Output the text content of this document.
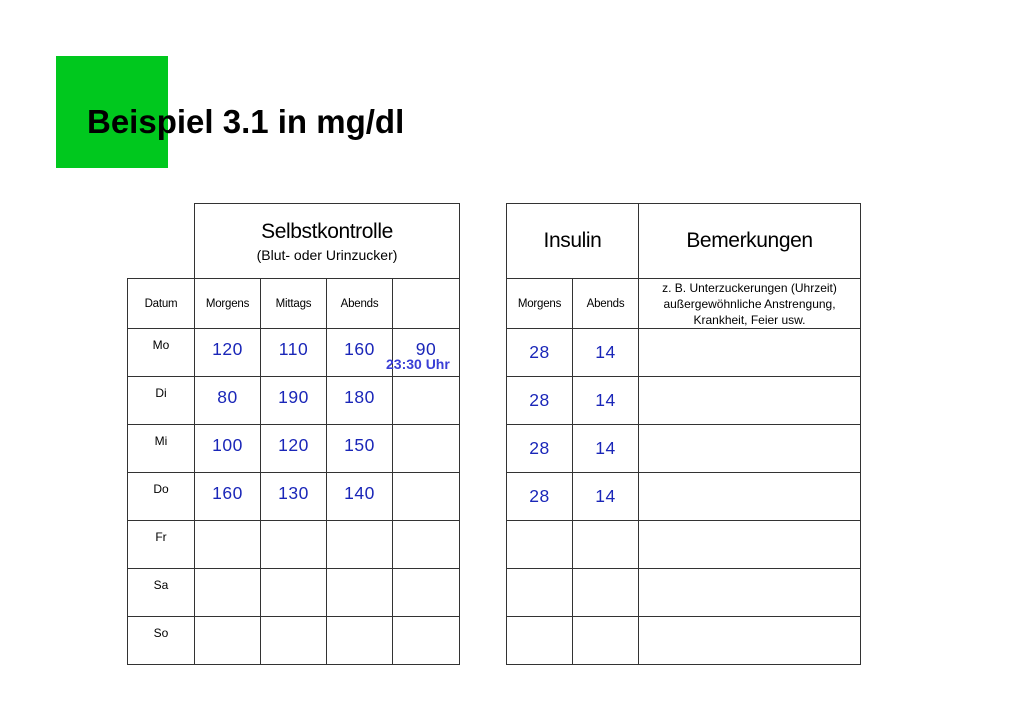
Beispiel 3.1 in mg/dl

	Selbstkontrolle
(Blut- oder Urinzucker)			

Datum	Morgens	Mittags	Abends	
Mo	120	110	160	90
Di	80	190	180	
Mi	100	120	150	
Do	160	130	140	
Fr				
Sa				
So				

23:30 Uhr

Insulin		Bemerkungen

Morgens	Abends	z. B. Unterzuckerungen (Uhrzeit)
außergewöhnliche Anstrengung,
Krankheit, Feier usw.

28	14	
28	14	
28	14	
28	14	
